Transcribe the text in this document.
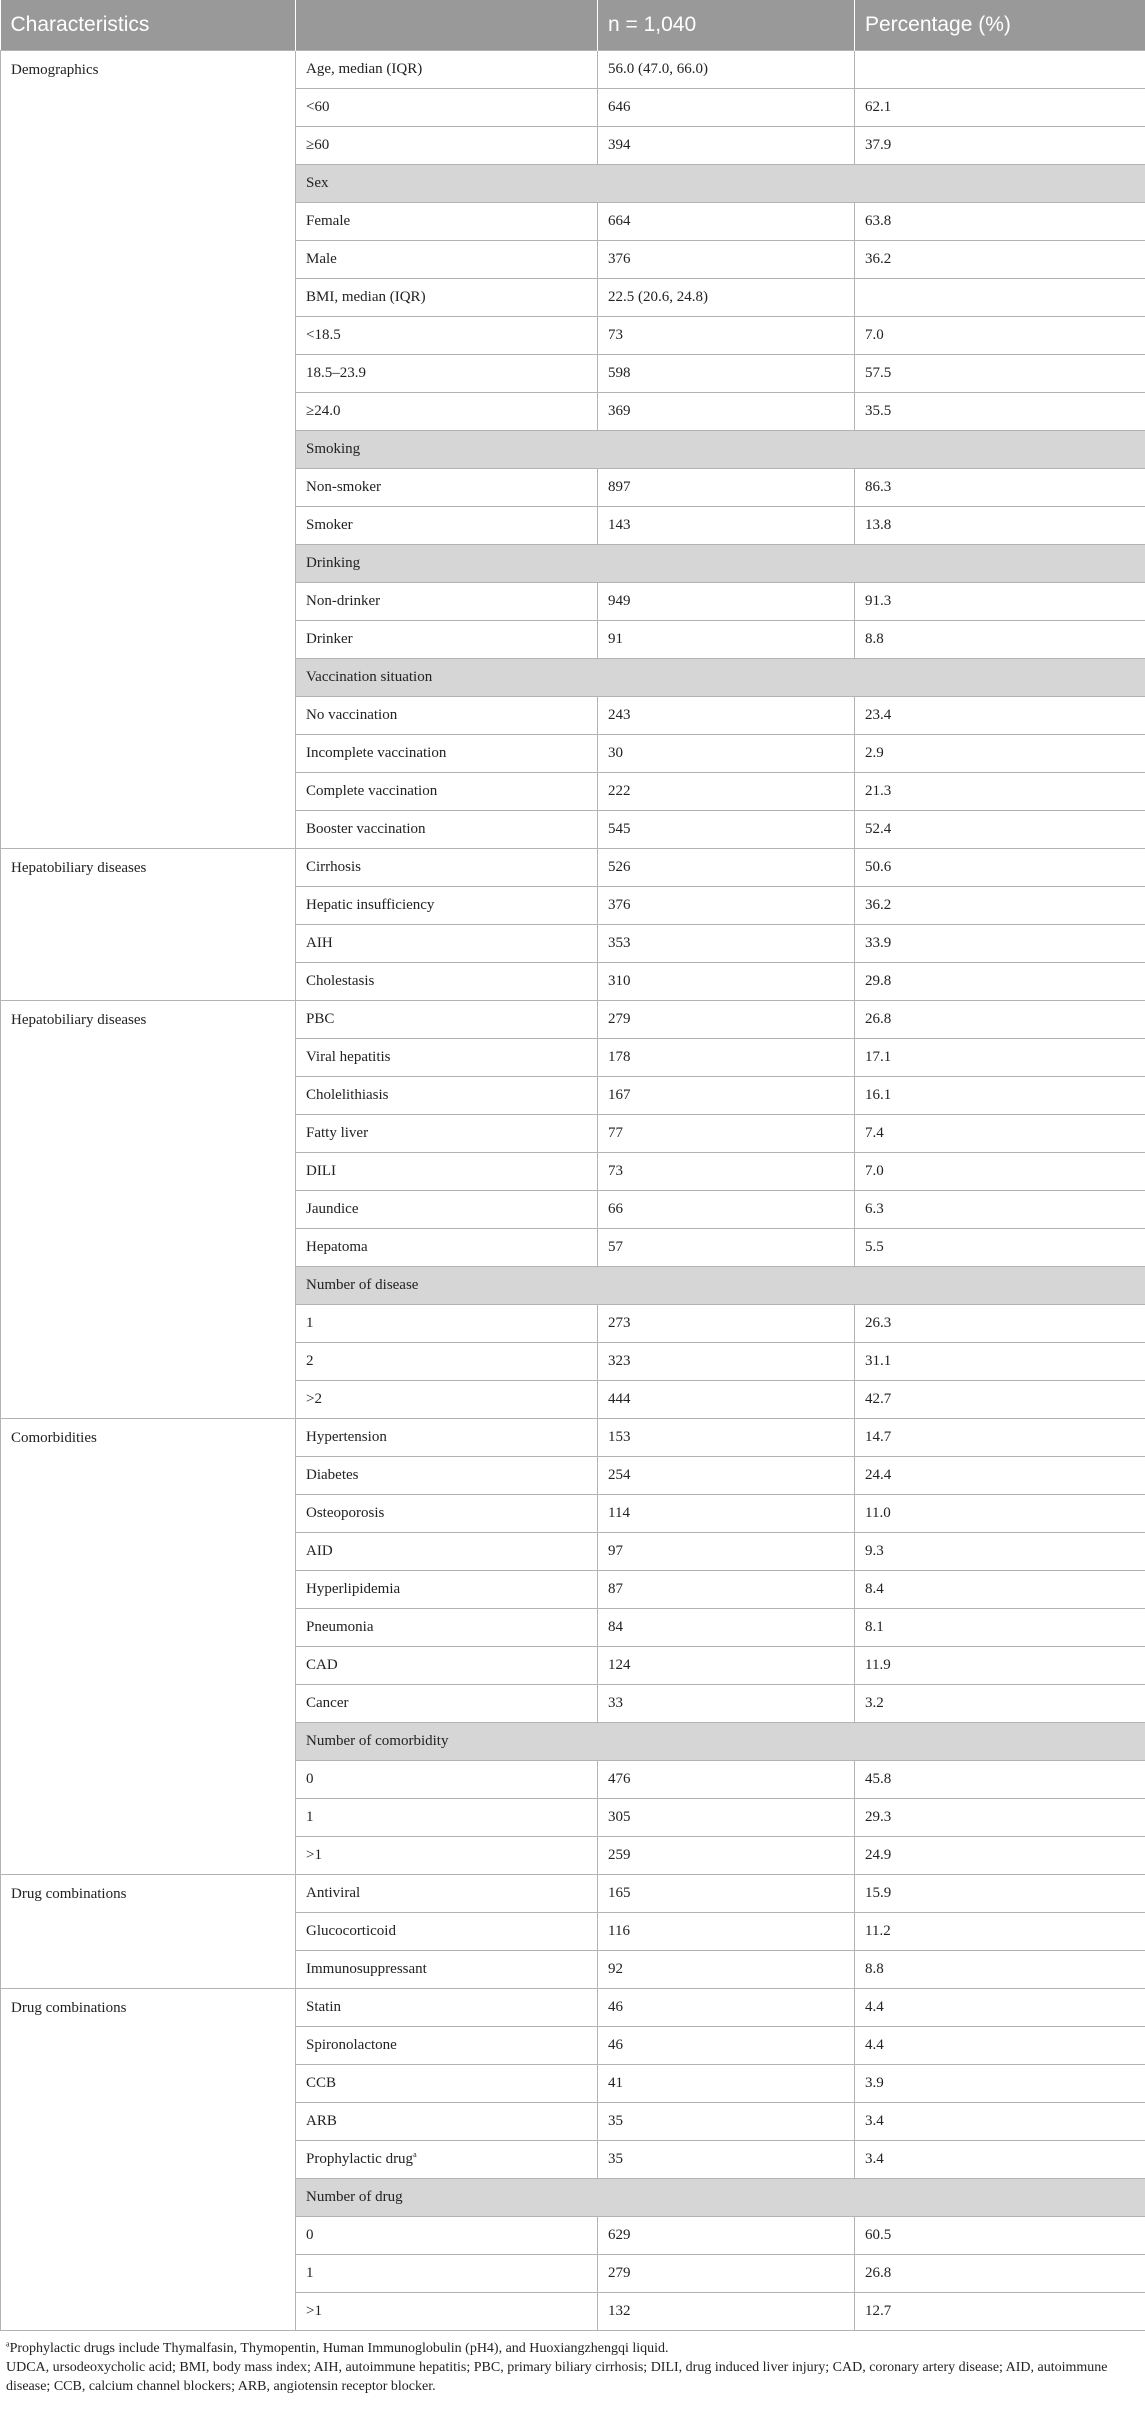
Characteristics		n = 1,040	Percentage (%)
Demographics	Age, median (IQR)	56.0 (47.0, 66.0)	
	<60	646	62.1
	≥60	394	37.9
	Sex		
	Female	664	63.8
	Male	376	36.2
	BMI, median (IQR)	22.5 (20.6, 24.8)	
	<18.5	73	7.0
	18.5–23.9	598	57.5
	≥24.0	369	35.5
	Smoking		
	Non-smoker	897	86.3
	Smoker	143	13.8
	Drinking		
	Non-drinker	949	91.3
	Drinker	91	8.8
	Vaccination situation		
	No vaccination	243	23.4
	Incomplete vaccination	30	2.9
	Complete vaccination	222	21.3
	Booster vaccination	545	52.4
Hepatobiliary diseases	Cirrhosis	526	50.6
	Hepatic insufficiency	376	36.2
	AIH	353	33.9
	Cholestasis	310	29.8
Hepatobiliary diseases	PBC	279	26.8
	Viral hepatitis	178	17.1
	Cholelithiasis	167	16.1
	Fatty liver	77	7.4
	DILI	73	7.0
	Jaundice	66	6.3
	Hepatoma	57	5.5
	Number of disease		
	1	273	26.3
	2	323	31.1
	>2	444	42.7
Comorbidities	Hypertension	153	14.7
	Diabetes	254	24.4
	Osteoporosis	114	11.0
	AID	97	9.3
	Hyperlipidemia	87	8.4
	Pneumonia	84	8.1
	CAD	124	11.9
	Cancer	33	3.2
	Number of comorbidity		
	0	476	45.8
	1	305	29.3
	>1	259	24.9
Drug combinations	Antiviral	165	15.9
	Glucocorticoid	116	11.2
	Immunosuppressant	92	8.8
Drug combinations	Statin	46	4.4
	Spironolactone	46	4.4
	CCB	41	3.9
	ARB	35	3.4
	Prophylactic drug$^a$	35	3.4
	Number of drug		
	0	629	60.5
	1	279	26.8
	>1	132	12.7

$^a$Prophylactic drugs include Thymalfasin, Thymopentin, Human Immunoglobulin (pH4), and Huoxiangzhengqi liquid.

UDCA, ursodeoxycholic acid; BMI, body mass index; AIH, autoimmune hepatitis; PBC, primary biliary cirrhosis; DILI, drug induced liver injury; CAD, coronary artery disease; AID, autoimmune disease; CCB, calcium channel blockers; ARB, angiotensin receptor blocker.
